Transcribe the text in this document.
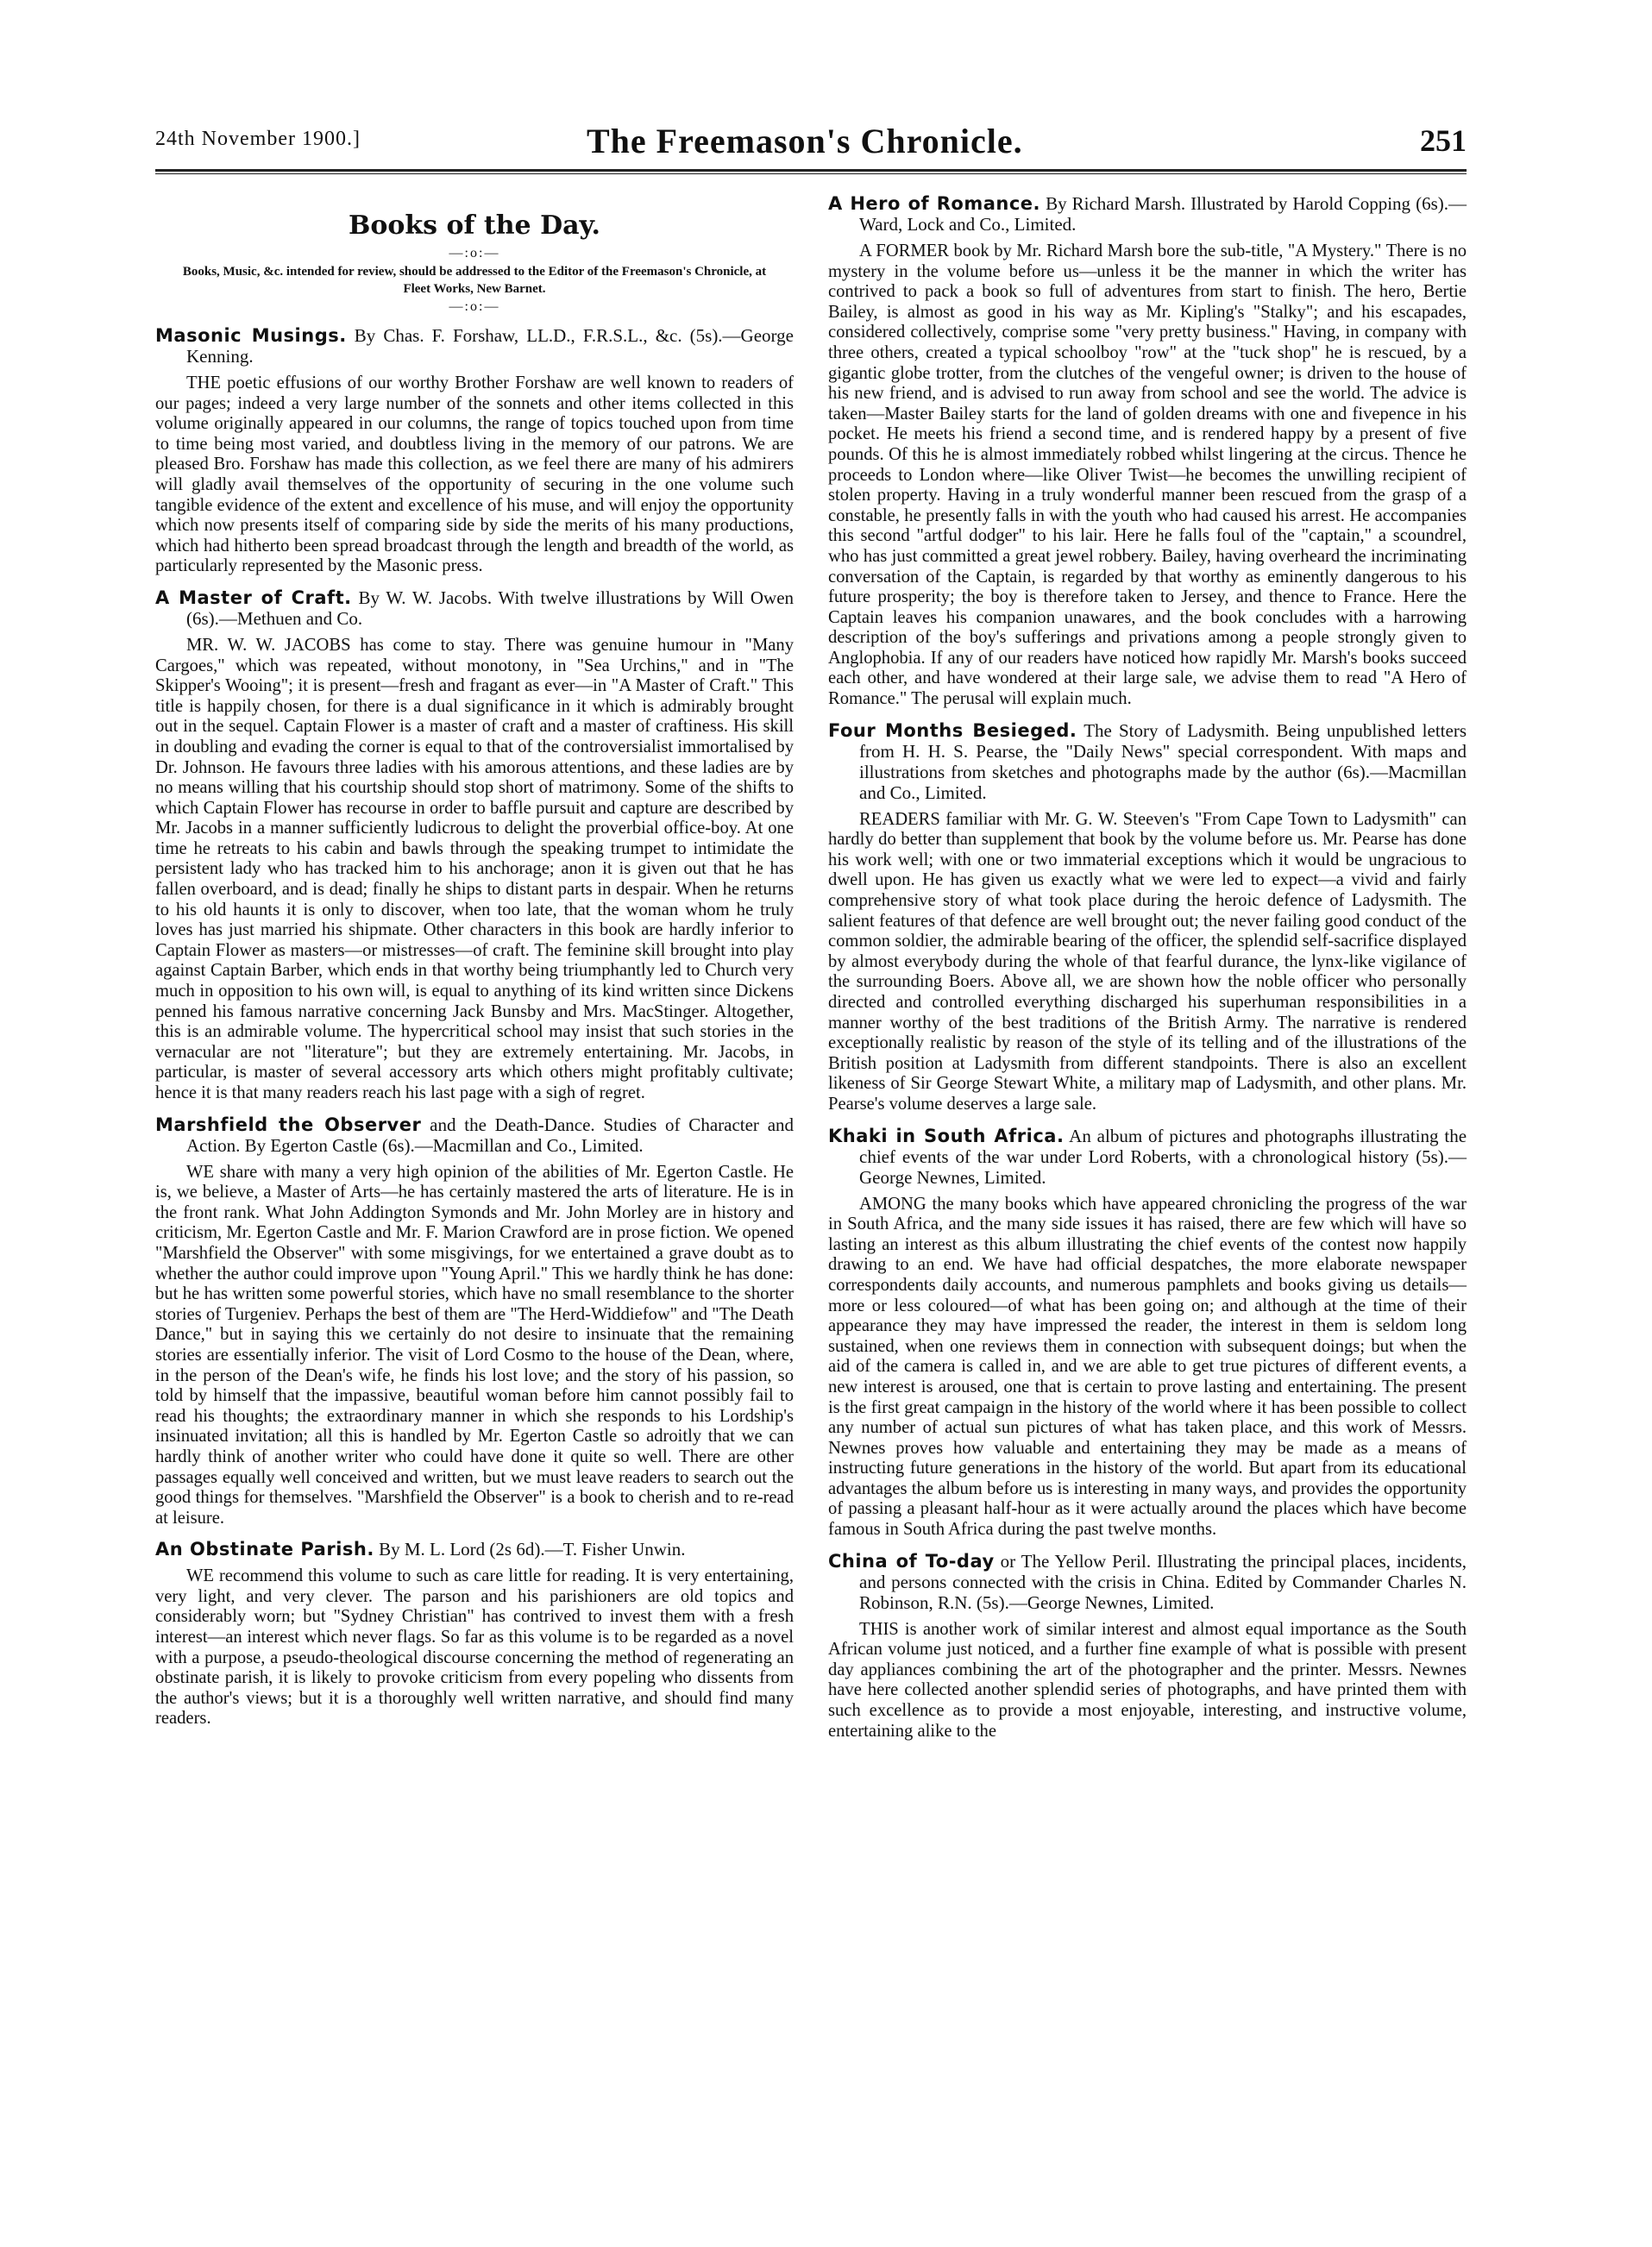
24th November 1900.]	The Freemason's Chronicle.	251
Books of the Day.
—:o:—
Books, Music, &c. intended for review, should be addressed to the Editor of the Freemason's Chronicle, at Fleet Works, New Barnet.
—:o:—

Masonic Musings. By Chas. F. Forshaw, LL.D., F.R.S.L., &c. (5s).—George Kenning.

THE poetic effusions of our worthy Brother Forshaw are well known to readers of our pages; indeed a very large number of the sonnets and other items collected in this volume originally appeared in our columns, the range of topics touched upon from time to time being most varied, and doubtless living in the memory of our patrons. We are pleased Bro. Forshaw has made this collection, as we feel there are many of his admirers will gladly avail themselves of the opportunity of securing in the one volume such tangible evidence of the extent and excellence of his muse, and will enjoy the opportunity which now presents itself of comparing side by side the merits of his many productions, which had hitherto been spread broadcast through the length and breadth of the world, as particularly represented by the Masonic press.

A Master of Craft. By W. W. Jacobs. With twelve illustrations by Will Owen (6s).—Methuen and Co.

MR. W. W. JACOBS has come to stay. There was genuine humour in "Many Cargoes," which was repeated, without monotony, in "Sea Urchins," and in "The Skipper's Wooing"; it is present—fresh and fragant as ever—in "A Master of Craft." This title is happily chosen, for there is a dual significance in it which is admirably brought out in the sequel. Captain Flower is a master of craft and a master of craftiness. His skill in doubling and evading the corner is equal to that of the controversialist immortalised by Dr. Johnson. He favours three ladies with his amorous attentions, and these ladies are by no means willing that his courtship should stop short of matrimony. Some of the shifts to which Captain Flower has recourse in order to baffle pursuit and capture are described by Mr. Jacobs in a manner sufficiently ludicrous to delight the proverbial office-boy. At one time he retreats to his cabin and bawls through the speaking trumpet to intimidate the persistent lady who has tracked him to his anchorage; anon it is given out that he has fallen overboard, and is dead; finally he ships to distant parts in despair. When he returns to his old haunts it is only to discover, when too late, that the woman whom he truly loves has just married his shipmate. Other characters in this book are hardly inferior to Captain Flower as masters—or mistresses—of craft. The feminine skill brought into play against Captain Barber, which ends in that worthy being triumphantly led to Church very much in opposition to his own will, is equal to anything of its kind written since Dickens penned his famous narrative concerning Jack Bunsby and Mrs. MacStinger. Altogether, this is an admirable volume. The hypercritical school may insist that such stories in the vernacular are not "literature"; but they are extremely entertaining. Mr. Jacobs, in particular, is master of several accessory arts which others might profitably cultivate; hence it is that many readers reach his last page with a sigh of regret.

Marshfield the Observer and the Death-Dance. Studies of Character and Action. By Egerton Castle (6s).—Macmillan and Co., Limited.

WE share with many a very high opinion of the abilities of Mr. Egerton Castle. He is, we believe, a Master of Arts—he has certainly mastered the arts of literature. He is in the front rank. What John Addington Symonds and Mr. John Morley are in history and criticism, Mr. Egerton Castle and Mr. F. Marion Crawford are in prose fiction. We opened "Marshfield the Observer" with some misgivings, for we entertained a grave doubt as to whether the author could improve upon "Young April." This we hardly think he has done: but he has written some powerful stories, which have no small resemblance to the shorter stories of Turgeniev. Perhaps the best of them are "The Herd-Widdiefow" and "The Death Dance," but in saying this we certainly do not desire to insinuate that the remaining stories are essentially inferior. The visit of Lord Cosmo to the house of the Dean, where, in the person of the Dean's wife, he finds his lost love; and the story of his passion, so told by himself that the impassive, beautiful woman before him cannot possibly fail to read his thoughts; the extraordinary manner in which she responds to his Lordship's insinuated invitation; all this is handled by Mr. Egerton Castle so adroitly that we can hardly think of another writer who could have done it quite so well. There are other passages equally well conceived and written, but we must leave readers to search out the good things for themselves. "Marshfield the Observer" is a book to cherish and to re-read at leisure.

An Obstinate Parish. By M. L. Lord (2s 6d).—T. Fisher Unwin.

WE recommend this volume to such as care little for reading. It is very entertaining, very light, and very clever. The parson and his parishioners are old topics and considerably worn; but "Sydney Christian" has contrived to invest them with a fresh interest—an interest which never flags. So far as this volume is to be regarded as a novel with a purpose, a pseudo-theological discourse concerning the method of regenerating an obstinate parish, it is likely to provoke criticism from every popeling who dissents from the author's views; but it is a thoroughly well written narrative, and should find many readers.

A Hero of Romance. By Richard Marsh. Illustrated by Harold Copping (6s).—Ward, Lock and Co., Limited.

A FORMER book by Mr. Richard Marsh bore the sub-title, "A Mystery." There is no mystery in the volume before us—unless it be the manner in which the writer has contrived to pack a book so full of adventures from start to finish. The hero, Bertie Bailey, is almost as good in his way as Mr. Kipling's "Stalky"; and his escapades, considered collectively, comprise some "very pretty business." Having, in company with three others, created a typical schoolboy "row" at the "tuck shop" he is rescued, by a gigantic globe trotter, from the clutches of the vengeful owner; is driven to the house of his new friend, and is advised to run away from school and see the world. The advice is taken—Master Bailey starts for the land of golden dreams with one and fivepence in his pocket. He meets his friend a second time, and is rendered happy by a present of five pounds. Of this he is almost immediately robbed whilst lingering at the circus. Thence he proceeds to London where—like Oliver Twist—he becomes the unwilling recipient of stolen property. Having in a truly wonderful manner been rescued from the grasp of a constable, he presently falls in with the youth who had caused his arrest. He accompanies this second "artful dodger" to his lair. Here he falls foul of the "captain," a scoundrel, who has just committed a great jewel robbery. Bailey, having overheard the incriminating conversation of the Captain, is regarded by that worthy as eminently dangerous to his future prosperity; the boy is therefore taken to Jersey, and thence to France. Here the Captain leaves his companion unawares, and the book concludes with a harrowing description of the boy's sufferings and privations among a people strongly given to Anglophobia. If any of our readers have noticed how rapidly Mr. Marsh's books succeed each other, and have wondered at their large sale, we advise them to read "A Hero of Romance." The perusal will explain much.

Four Months Besieged. The Story of Ladysmith. Being unpublished letters from H. H. S. Pearse, the "Daily News" special correspondent. With maps and illustrations from sketches and photographs made by the author (6s).—Macmillan and Co., Limited.

READERS familiar with Mr. G. W. Steeven's "From Cape Town to Ladysmith" can hardly do better than supplement that book by the volume before us. Mr. Pearse has done his work well; with one or two immaterial exceptions which it would be ungracious to dwell upon. He has given us exactly what we were led to expect—a vivid and fairly comprehensive story of what took place during the heroic defence of Ladysmith. The salient features of that defence are well brought out; the never failing good conduct of the common soldier, the admirable bearing of the officer, the splendid self-sacrifice displayed by almost everybody during the whole of that fearful durance, the lynx-like vigilance of the surrounding Boers. Above all, we are shown how the noble officer who personally directed and controlled everything discharged his superhuman responsibilities in a manner worthy of the best traditions of the British Army. The narrative is rendered exceptionally realistic by reason of the style of its telling and of the illustrations of the British position at Ladysmith from different standpoints. There is also an excellent likeness of Sir George Stewart White, a military map of Ladysmith, and other plans. Mr. Pearse's volume deserves a large sale.

Khaki in South Africa. An album of pictures and photographs illustrating the chief events of the war under Lord Roberts, with a chronological history (5s).—George Newnes, Limited.

AMONG the many books which have appeared chronicling the progress of the war in South Africa, and the many side issues it has raised, there are few which will have so lasting an interest as this album illustrating the chief events of the contest now happily drawing to an end. We have had official despatches, the more elaborate newspaper correspondents daily accounts, and numerous pamphlets and books giving us details—more or less coloured—of what has been going on; and although at the time of their appearance they may have impressed the reader, the interest in them is seldom long sustained, when one reviews them in connection with subsequent doings; but when the aid of the camera is called in, and we are able to get true pictures of different events, a new interest is aroused, one that is certain to prove lasting and entertaining. The present is the first great campaign in the history of the world where it has been possible to collect any number of actual sun pictures of what has taken place, and this work of Messrs. Newnes proves how valuable and entertaining they may be made as a means of instructing future generations in the history of the world. But apart from its educational advantages the album before us is interesting in many ways, and provides the opportunity of passing a pleasant half-hour as it were actually around the places which have become famous in South Africa during the past twelve months.

China of To-day or The Yellow Peril. Illustrating the principal places, incidents, and persons connected with the crisis in China. Edited by Commander Charles N. Robinson, R.N. (5s).—George Newnes, Limited.

THIS is another work of similar interest and almost equal importance as the South African volume just noticed, and a further fine example of what is possible with present day appliances combining the art of the photographer and the printer. Messrs. Newnes have here collected another splendid series of photographs, and have printed them with such excellence as to provide a most enjoyable, interesting, and instructive volume, entertaining alike to the
